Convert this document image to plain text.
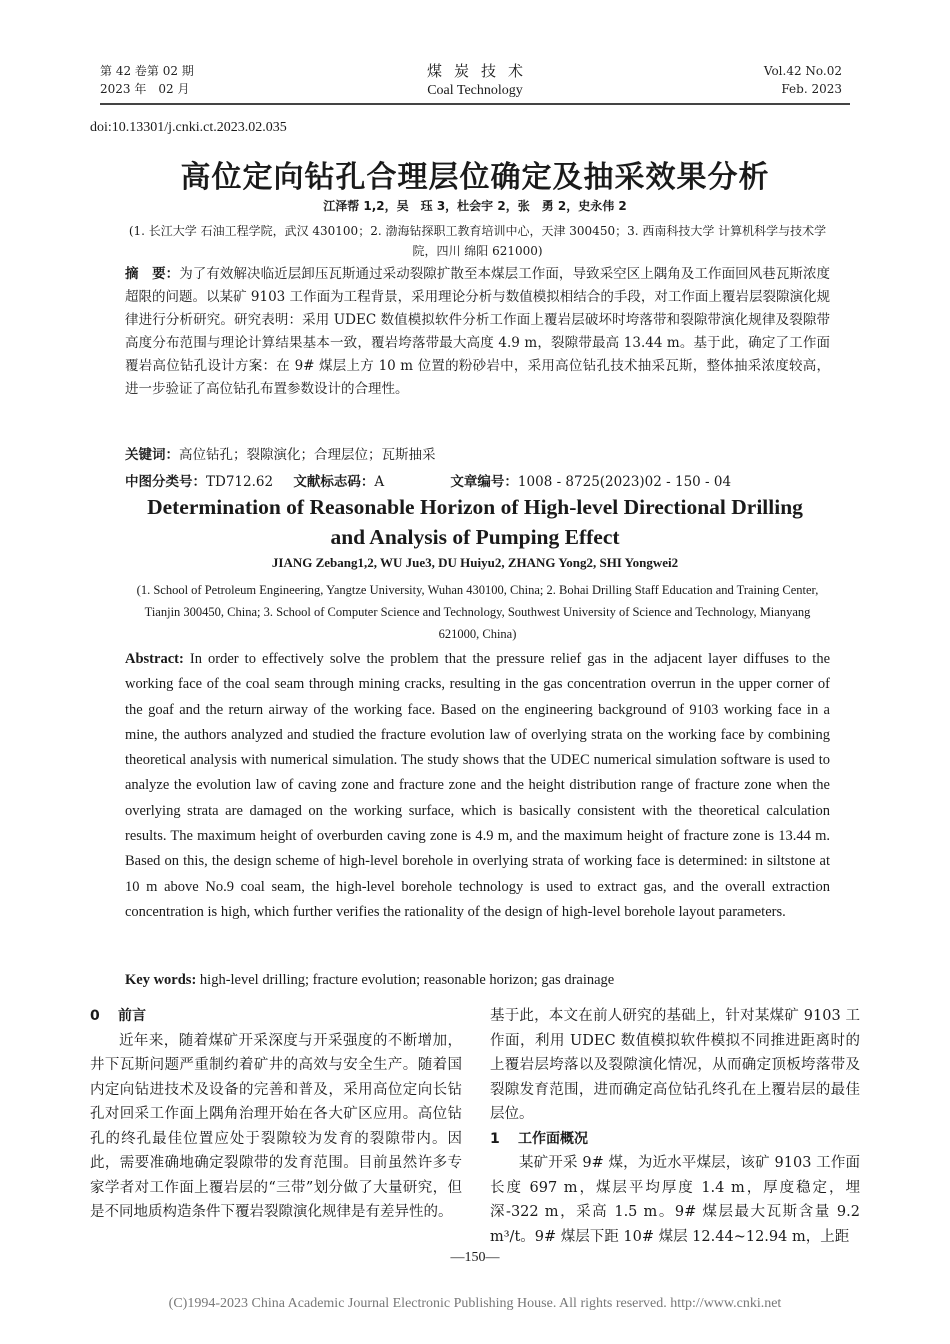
第 42 卷第 02 期
2023 年　02 月
煤炭技术
Coal Technology
Vol.42 No.02
Feb. 2023
doi:10.13301/j.cnki.ct.2023.02.035
高位定向钻孔合理层位确定及抽采效果分析
江泽帮 1,2，吴　珏 3，杜会宇 2，张　勇 2，史永伟 2
(1. 长江大学 石油工程学院，武汉 430100；2. 渤海钻探职工教育培训中心，天津 300450；3. 西南科技大学 计算机科学与技术学院，四川 绵阳 621000)
摘　要：为了有效解决临近层卸压瓦斯通过采动裂隙扩散至本煤层工作面，导致采空区上隅角及工作面回风巷瓦斯浓度超限的问题。以某矿 9103 工作面为工程背景，采用理论分析与数值模拟相结合的手段，对工作面上覆岩层裂隙演化规律进行分析研究。研究表明：采用 UDEC 数值模拟软件分析工作面上覆岩层破坏时垮落带和裂隙带演化规律及裂隙带高度分布范围与理论计算结果基本一致，覆岩垮落带最大高度 4.9 m，裂隙带最高 13.44 m。基于此，确定了工作面覆岩高位钻孔设计方案：在 9# 煤层上方 10 m 位置的粉砂岩中，采用高位钻孔技术抽采瓦斯，整体抽采浓度较高，进一步验证了高位钻孔布置参数设计的合理性。
关键词：高位钻孔；裂隙演化；合理层位；瓦斯抽采
中图分类号：TD712.62 文献标志码：A	文章编号：1008 - 8725(2023)02 - 150 - 04
Determination of Reasonable Horizon of High-level Directional Drilling
and Analysis of Pumping Effect
JIANG Zebang1,2, WU Jue3, DU Huiyu2, ZHANG Yong2, SHI Yongwei2
(1. School of Petroleum Engineering, Yangtze University, Wuhan 430100, China; 2. Bohai Drilling Staff Education and Training Center, Tianjin 300450, China; 3. School of Computer Science and Technology, Southwest University of Science and Technology, Mianyang 621000, China)
Abstract: In order to effectively solve the problem that the pressure relief gas in the adjacent layer diffuses to the working face of the coal seam through mining cracks, resulting in the gas concentration overrun in the upper corner of the goaf and the return airway of the working face. Based on the engineering background of 9103 working face in a mine, the authors analyzed and studied the fracture evolution law of overlying strata on the working face by combining theoretical analysis with numerical simulation. The study shows that the UDEC numerical simulation software is used to analyze the evolution law of caving zone and fracture zone and the height distribution range of fracture zone when the overlying strata are damaged on the working surface, which is basically consistent with the theoretical calculation results. The maximum height of overburden caving zone is 4.9 m, and the maximum height of fracture zone is 13.44 m. Based on this, the design scheme of high-level borehole in overlying strata of working face is determined: in siltstone at 10 m above No.9 coal seam, the high-level borehole technology is used to extract gas, and the overall extraction concentration is high, which further verifies the rationality of the design of high-level borehole layout parameters.
Key words: high-level drilling; fracture evolution; reasonable horizon; gas drainage
0 前言

近年来，随着煤矿开采深度与开采强度的不断增加，井下瓦斯问题严重制约着矿井的高效与安全生产。随着国内定向钻进技术及设备的完善和普及，采用高位定向长钻孔对回采工作面上隅角治理开始在各大矿区应用。高位钻孔的终孔最佳位置应处于裂隙较为发育的裂隙带内。因此，需要准确地确定裂隙带的发育范围。目前虽然许多专家学者对工作面上覆岩层的“三带”划分做了大量研究，但是不同地质构造条件下覆岩裂隙演化规律是有差异性的。

基于此，本文在前人研究的基础上，针对某煤矿 9103 工作面，利用 UDEC 数值模拟软件模拟不同推进距离时的上覆岩层垮落以及裂隙演化情况，从而确定顶板垮落带及裂隙发育范围，进而确定高位钻孔终孔在上覆岩层的最佳层位。

1 工作面概况

某矿开采 9# 煤，为近水平煤层，该矿 9103 工作面长度 697 m，煤层平均厚度 1.4 m，厚度稳定，埋深-322 m，采高 1.5 m。9# 煤层最大瓦斯含量 9.2 m³/t。9# 煤层下距 10# 煤层 12.44~12.94 m，上距

—150—
(C)1994-2023 China Academic Journal Electronic Publishing House. All rights reserved. http://www.cnki.net
